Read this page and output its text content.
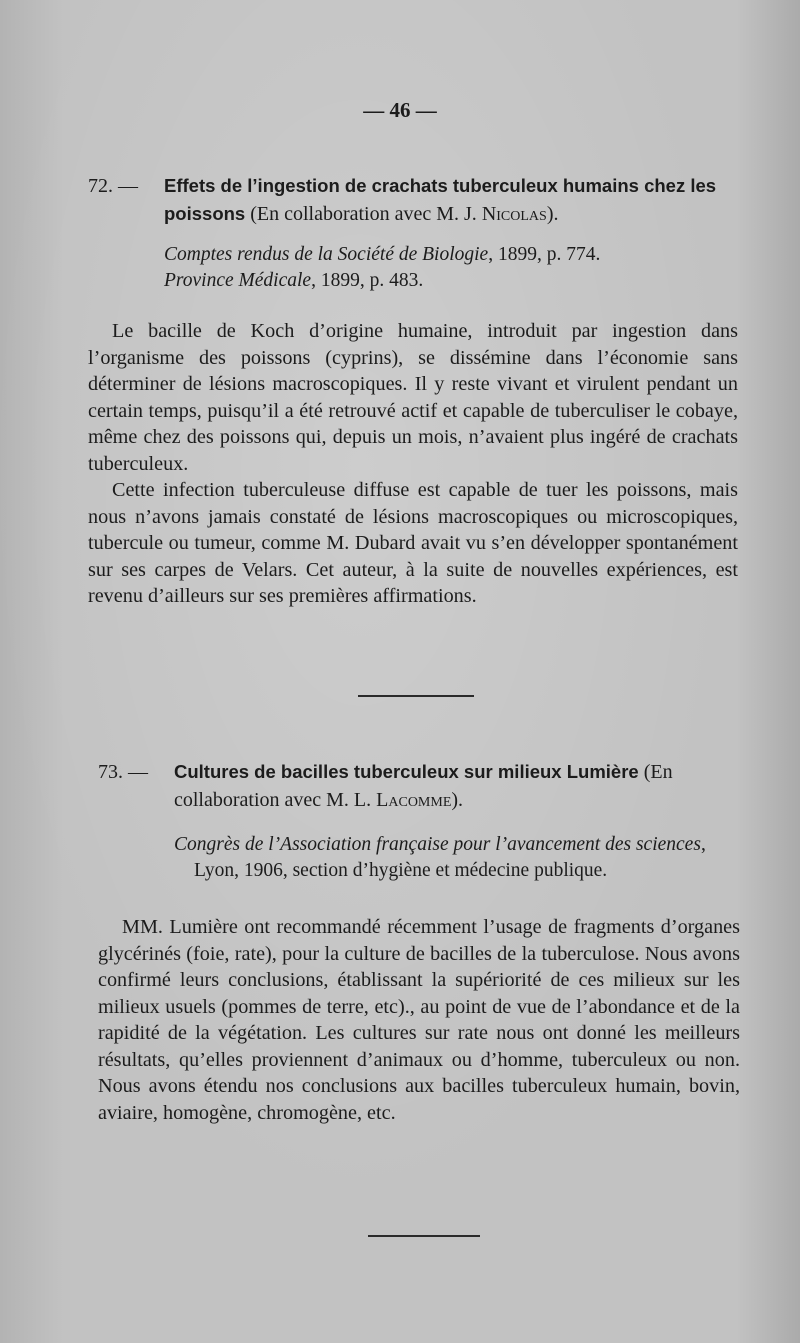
— 46 —
72. — Effets de l’ingestion de crachats tuberculeux humains chez les poissons (En collaboration avec M. J. Nicolas).
Comptes rendus de la Société de Biologie, 1899, p. 774.
Province Médicale, 1899, p. 483.

Le bacille de Koch d’origine humaine, introduit par ingestion dans l’organisme des poissons (cyprins), se dissémine dans l’économie sans déterminer de lésions macroscopiques. Il y reste vivant et virulent pendant un certain temps, puisqu’il a été retrouvé actif et capable de tuberculiser le cobaye, même chez des poissons qui, depuis un mois, n’avaient plus ingéré de crachats tuberculeux.

Cette infection tuberculeuse diffuse est capable de tuer les poissons, mais nous n’avons jamais constaté de lésions macroscopiques ou microscopiques, tubercule ou tumeur, comme M. Dubard avait vu s’en développer spontanément sur ses carpes de Velars. Cet auteur, à la suite de nouvelles expériences, est revenu d’ailleurs sur ses premières affirmations.

73. — Cultures de bacilles tuberculeux sur milieux Lumière (En collaboration avec M. L. Lacomme).
Congrès de l’Association française pour l’avancement des sciences, Lyon, 1906, section d’hygiène et médecine publique.

MM. Lumière ont recommandé récemment l’usage de fragments d’organes glycérinés (foie, rate), pour la culture de bacilles de la tuberculose. Nous avons confirmé leurs conclusions, établissant la supériorité de ces milieux sur les milieux usuels (pommes de terre, etc)., au point de vue de l’abondance et de la rapidité de la végétation. Les cultures sur rate nous ont donné les meilleurs résultats, qu’elles proviennent d’animaux ou d’homme, tuberculeux ou non. Nous avons étendu nos conclusions aux bacilles tuberculeux humain, bovin, aviaire, homogène, chromogène, etc.
